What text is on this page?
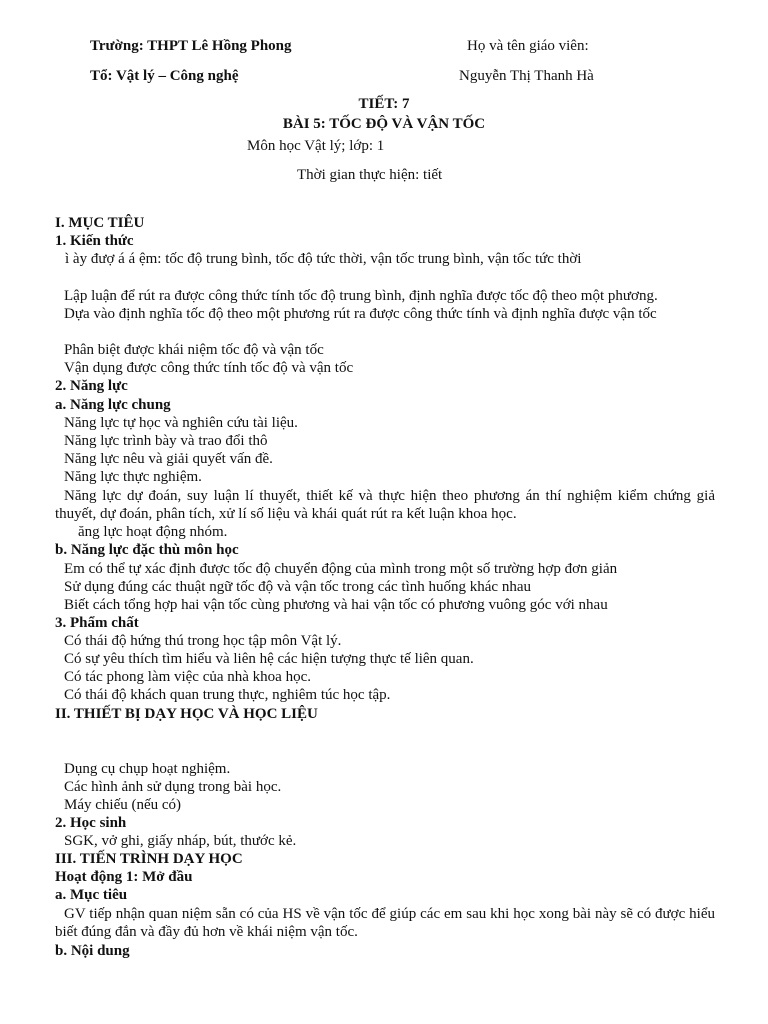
Trường: THPT Lê Hồng Phong	Họ và tên giáo viên:
Tổ: Vật lý – Công nghệ	Nguyễn Thị Thanh Hà
TIẾT: 7
BÀI 5: TỐC ĐỘ VÀ VẬN TỐC
Môn học Vật lý; lớp: 1
Thời gian thực hiện: tiết
I. MỤC TIÊU
1. Kiến thức
ì ày đượ á á ệm: tốc độ trung bình, tốc độ tức thời, vận tốc trung bình, vận tốc tức thời
Lập luận để rút ra được công thức tính tốc độ trung bình, định nghĩa được tốc độ theo một phương.
Dựa vào định nghĩa tốc độ theo một phương rút ra được công thức tính và định nghĩa được vận tốc
Phân biệt được khái niệm tốc độ và vận tốc
Vận dụng được công thức tính tốc độ và vận tốc
2. Năng lực
a. Năng lực chung
Năng lực tự học và nghiên cứu tài liệu.
Năng lực trình bày và trao đổi thô
Năng lực nêu và giải quyết vấn đề.
Năng lực thực nghiệm.
Năng lực dự đoán, suy luận lí thuyết, thiết kế và thực hiện theo phương án thí nghiệm kiểm chứng giả thuyết, dự đoán, phân tích, xử lí số liệu và khái quát rút ra kết luận khoa học.
ăng lực hoạt động nhóm.
b. Năng lực đặc thù môn học
Em có thể tự xác định được tốc độ chuyển động của mình trong một số trường hợp đơn giản
Sử dụng đúng các thuật ngữ tốc độ và vận tốc trong các tình huống khác nhau
Biết cách tổng hợp hai vận tốc cùng phương và hai vận tốc có phương vuông góc với nhau
3. Phẩm chất
Có thái độ hứng thú trong học tập môn Vật lý.
Có sự yêu thích tìm hiểu và liên hệ các hiện tượng thực tế liên quan.
Có tác phong làm việc của nhà khoa học.
Có thái độ khách quan trung thực, nghiêm túc học tập.
II. THIẾT BỊ DẠY HỌC VÀ HỌC LIỆU
Dụng cụ chụp hoạt nghiệm.
Các hình ảnh sử dụng trong bài học.
Máy chiếu (nếu có)
2. Học sinh
SGK, vở ghi, giấy nháp, bút, thước kẻ.
III. TIẾN TRÌNH DẠY HỌC
Hoạt động 1: Mở đầu
a. Mục tiêu
GV tiếp nhận quan niệm sẵn có của HS về vận tốc để giúp các em sau khi học xong bài này sẽ có được hiểu biết đúng đắn và đầy đủ hơn về khái niệm vận tốc.
b. Nội dung
